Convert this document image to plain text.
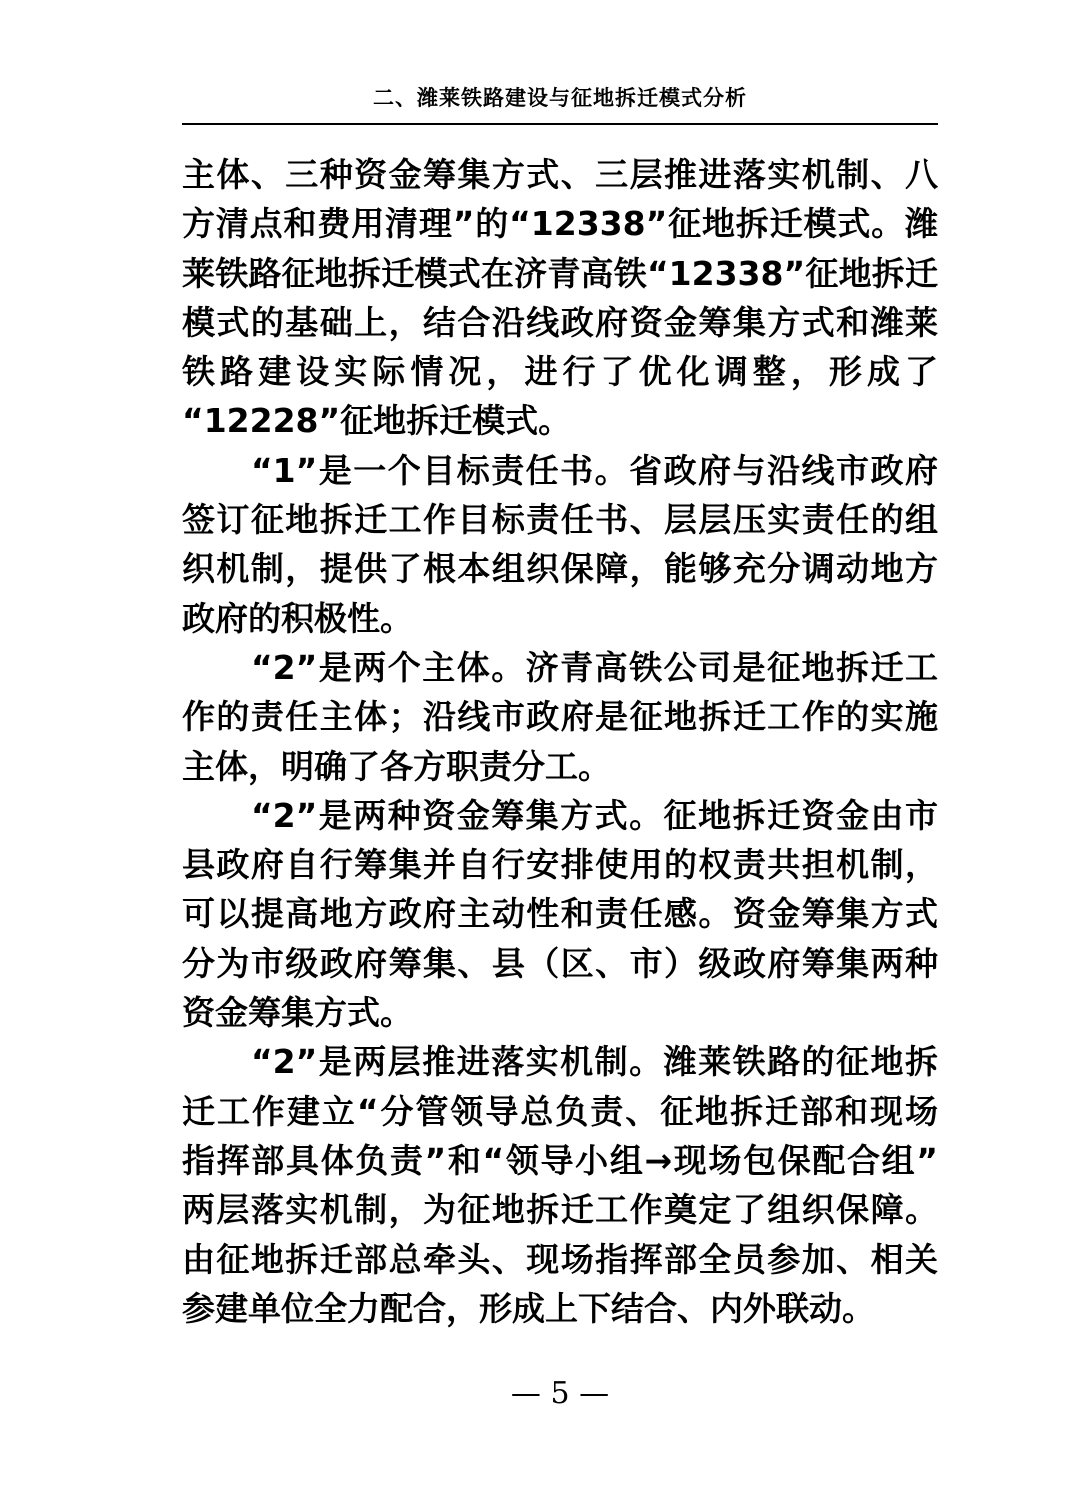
二、潍莱铁路建设与征地拆迁模式分析

主体、三种资金筹集方式、三层推进落实机制、八
方清点和费用清理”的“12338”征地拆迁模式。潍
莱铁路征地拆迁模式在济青高铁“12338”征地拆迁
模式的基础上，结合沿线政府资金筹集方式和潍莱
铁路建设实际情况，进行了优化调整，形成了
“12228”征地拆迁模式。

　　“1”是一个目标责任书。省政府与沿线市政府
签订征地拆迁工作目标责任书、层层压实责任的组
织机制，提供了根本组织保障，能够充分调动地方
政府的积极性。

　　“2”是两个主体。济青高铁公司是征地拆迁工
作的责任主体；沿线市政府是征地拆迁工作的实施
主体，明确了各方职责分工。

　　“2”是两种资金筹集方式。征地拆迁资金由市
县政府自行筹集并自行安排使用的权责共担机制，
可以提高地方政府主动性和责任感。资金筹集方式
分为市级政府筹集、县（区、市）级政府筹集两种
资金筹集方式。

　　“2”是两层推进落实机制。潍莱铁路的征地拆
迁工作建立“分管领导总负责、征地拆迁部和现场
指挥部具体负责”和“领导小组→现场包保配合组”
两层落实机制，为征地拆迁工作奠定了组织保障。
由征地拆迁部总牵头、现场指挥部全员参加、相关
参建单位全力配合，形成上下结合、内外联动。

— 5 —
